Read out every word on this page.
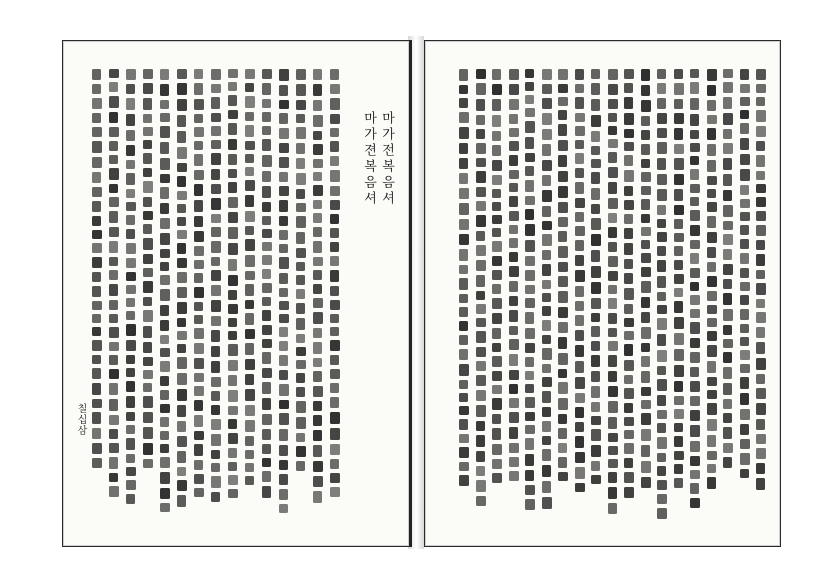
마가전복음셔
마가젼복음셔
칠십삼
